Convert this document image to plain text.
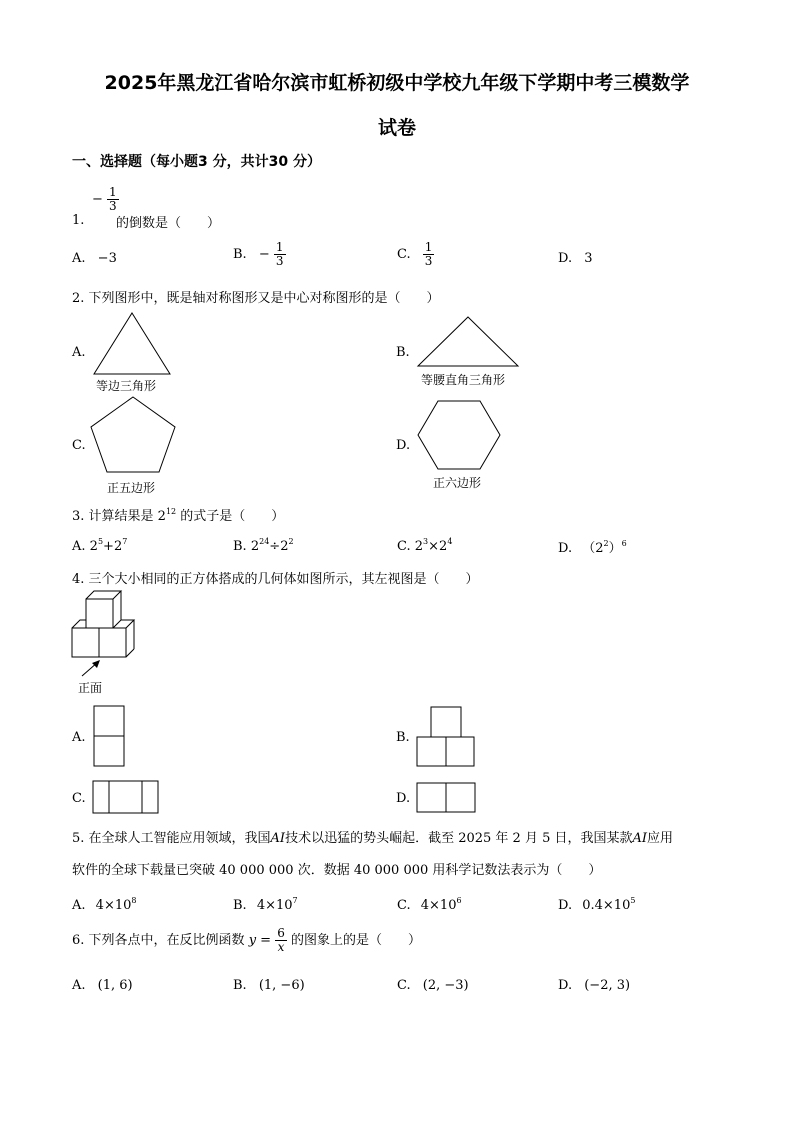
2025年黑龙江省哈尔滨市虹桥初级中学校九年级下学期中考三模数学
试卷
一、选择题（每小题3 分，共计30 分）
− $\frac{1}{3}$
1. 的倒数是（　　）
A. −3	B. − $\frac{1}{3}$	C. $\frac{1}{3}$	D. 3
2. 下列图形中，既是轴对称图形又是中心对称图形的是（　　）
A.
等边三角形
B.
等腰直角三角形
C.
正五边形
D.
正六边形
3. 计算结果是 $2^{12}$ 的式子是（　　）
A. $2^5+2^7$	B. $2^{24}\div 2^2$	C. $2^3\times 2^4$	D. $(2^2)^6$
4. 三个大小相同的正方体搭成的几何体如图所示，其左视图是（　　）
正面
A.	B.
C.	D.
5. 在全球人工智能应用领域，我国AI技术以迅猛的势头崛起．截至 2025 年 2 月 5 日，我国某款AI应用
软件的全球下载量已突破 40 000 000 次．数据 40 000 000 用科学记数法表示为（　　）
A. $4\times 10^8$	B. $4\times 10^7$	C. $4\times 10^6$	D. $0.4\times 10^5$
6. 下列各点中，在反比例函数 $y = \frac{6}{x}$ 的图象上的是（　　）
A. (1, 6)	B. (1, −6)	C. (2, −3)	D. (−2, 3)
